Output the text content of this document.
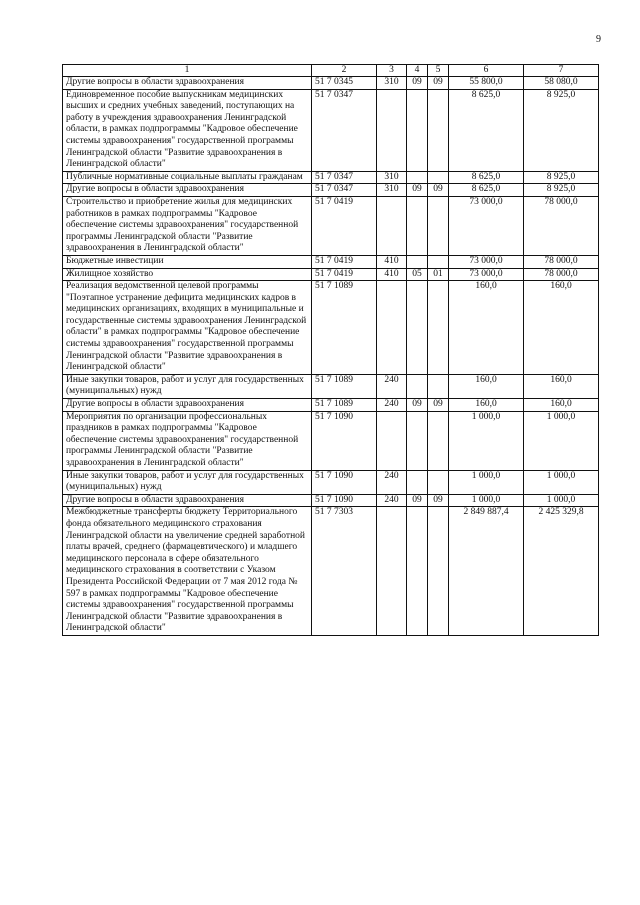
9
1	2	3	4	5	6	7
Другие вопросы в области здравоохранения	51 7 0345	310	09	09	55 800,0	58 080,0
Единовременное пособие выпускникам медицинских высших и средних учебных заведений, поступающих на работу в учреждения здравоохранения Ленинградской области, в рамках подпрограммы "Кадровое обеспечение системы здравоохранения" государственной программы Ленинградской области "Развитие здравоохранения в Ленинградской области"	51 7 0347				8 625,0	8 925,0
Публичные нормативные социальные выплаты гражданам	51 7 0347	310			8 625,0	8 925,0
Другие вопросы в области здравоохранения	51 7 0347	310	09	09	8 625,0	8 925,0
Строительство и приобретение жилья для медицинских работников в рамках подпрограммы "Кадровое обеспечение системы здравоохранения" государственной программы Ленинградской области "Развитие здравоохранения в Ленинградской области"	51 7 0419				73 000,0	78 000,0
Бюджетные инвестиции	51 7 0419	410			73 000,0	78 000,0
Жилищное хозяйство	51 7 0419	410	05	01	73 000,0	78 000,0
Реализация ведомственной целевой программы "Поэтапное устранение дефицита медицинских кадров в медицинских организациях, входящих в муниципальные и государственные системы здравоохранения Ленинградской области" в рамках подпрограммы "Кадровое обеспечение системы здравоохранения" государственной программы Ленинградской области "Развитие здравоохранения в Ленинградской области"	51 7 1089				160,0	160,0
Иные закупки товаров, работ и услуг для государственных (муниципальных) нужд	51 7 1089	240			160,0	160,0
Другие вопросы в области здравоохранения	51 7 1089	240	09	09	160,0	160,0
Мероприятия по организации профессиональных праздников в рамках подпрограммы "Кадровое обеспечение системы здравоохранения" государственной программы Ленинградской области "Развитие здравоохранения в Ленинградской области"	51 7 1090				1 000,0	1 000,0
Иные закупки товаров, работ и услуг для государственных (муниципальных) нужд	51 7 1090	240			1 000,0	1 000,0
Другие вопросы в области здравоохранения	51 7 1090	240	09	09	1 000,0	1 000,0
Межбюджетные трансферты бюджету Территориального фонда обязательного медицинского страхования Ленинградской области на увеличение средней заработной платы врачей, среднего (фармацевтического) и младшего медицинского персонала в сфере обязательного медицинского страхования в соответствии с Указом Президента Российской Федерации от 7 мая 2012 года № 597 в рамках подпрограммы "Кадровое обеспечение системы здравоохранения" государственной программы Ленинградской области "Развитие здравоохранения в Ленинградской области"	51 7 7303				2 849 887,4	2 425 329,8
